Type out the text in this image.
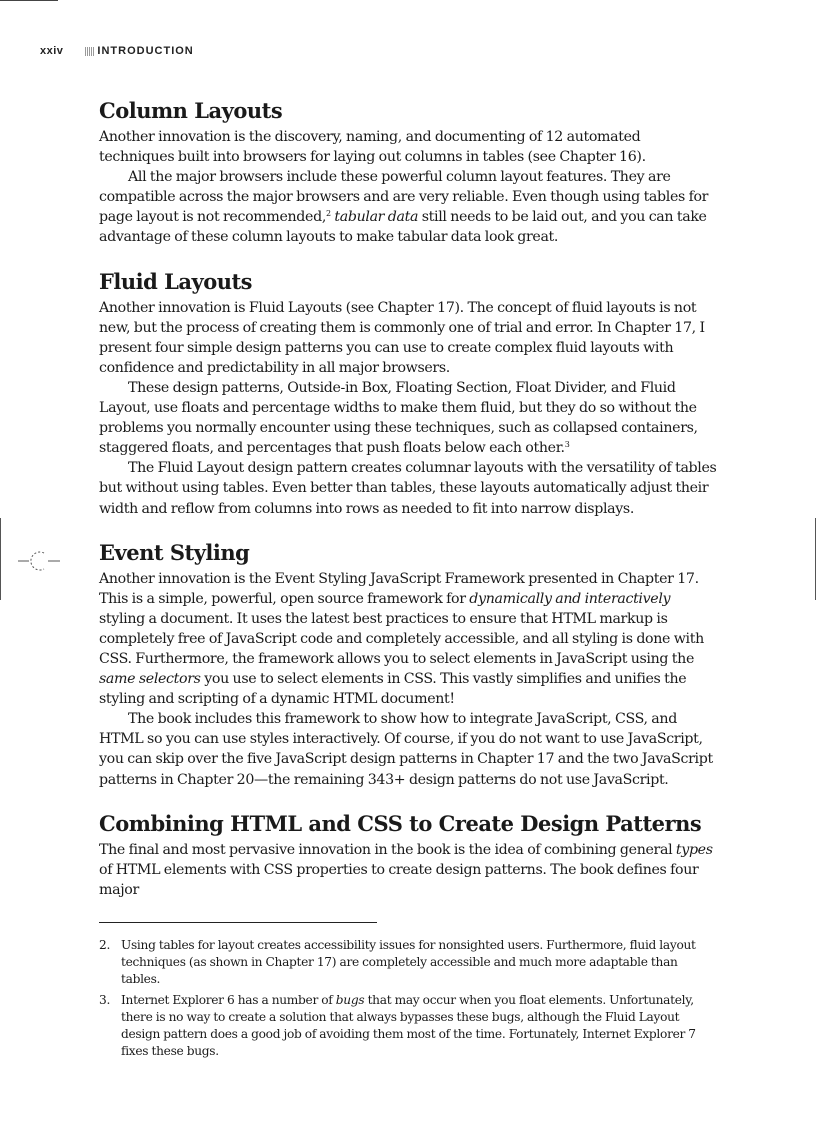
xxiv	INTRODUCTION
Column Layouts

Another innovation is the discovery, naming, and documenting of 12 automated techniques built into browsers for laying out columns in tables (see Chapter 16).

All the major browsers include these powerful column layout features. They are compatible across the major browsers and are very reliable. Even though using tables for page layout is not recommended,$^2$ tabular data still needs to be laid out, and you can take advantage of these column layouts to make tabular data look great.

Fluid Layouts

Another innovation is Fluid Layouts (see Chapter 17). The concept of fluid layouts is not new, but the process of creating them is commonly one of trial and error. In Chapter 17, I present four simple design patterns you can use to create complex fluid layouts with confidence and predictability in all major browsers.

These design patterns, Outside-in Box, Floating Section, Float Divider, and Fluid Layout, use floats and percentage widths to make them fluid, but they do so without the problems you normally encounter using these techniques, such as collapsed containers, staggered floats, and percentages that push floats below each other.$^3$

The Fluid Layout design pattern creates columnar layouts with the versatility of tables but without using tables. Even better than tables, these layouts automatically adjust their width and reflow from columns into rows as needed to fit into narrow displays.

Event Styling

Another innovation is the Event Styling JavaScript Framework presented in Chapter 17. This is a simple, powerful, open source framework for dynamically and interactively styling a document. It uses the latest best practices to ensure that HTML markup is completely free of JavaScript code and completely accessible, and all styling is done with CSS. Furthermore, the framework allows you to select elements in JavaScript using the same selectors you use to select elements in CSS. This vastly simplifies and unifies the styling and scripting of a dynamic HTML document!

The book includes this framework to show how to integrate JavaScript, CSS, and HTML so you can use styles interactively. Of course, if you do not want to use JavaScript, you can skip over the five JavaScript design patterns in Chapter 17 and the two JavaScript patterns in Chapter 20—the remaining 343+ design patterns do not use JavaScript.

Combining HTML and CSS to Create Design Patterns

The final and most pervasive innovation in the book is the idea of combining general types of HTML elements with CSS properties to create design patterns. The book defines four major

2. Using tables for layout creates accessibility issues for nonsighted users. Furthermore, fluid layout techniques (as shown in Chapter 17) are completely accessible and much more adaptable than tables.
3. Internet Explorer 6 has a number of bugs that may occur when you float elements. Unfortunately, there is no way to create a solution that always bypasses these bugs, although the Fluid Layout design pattern does a good job of avoiding them most of the time. Fortunately, Internet Explorer 7 fixes these bugs.
